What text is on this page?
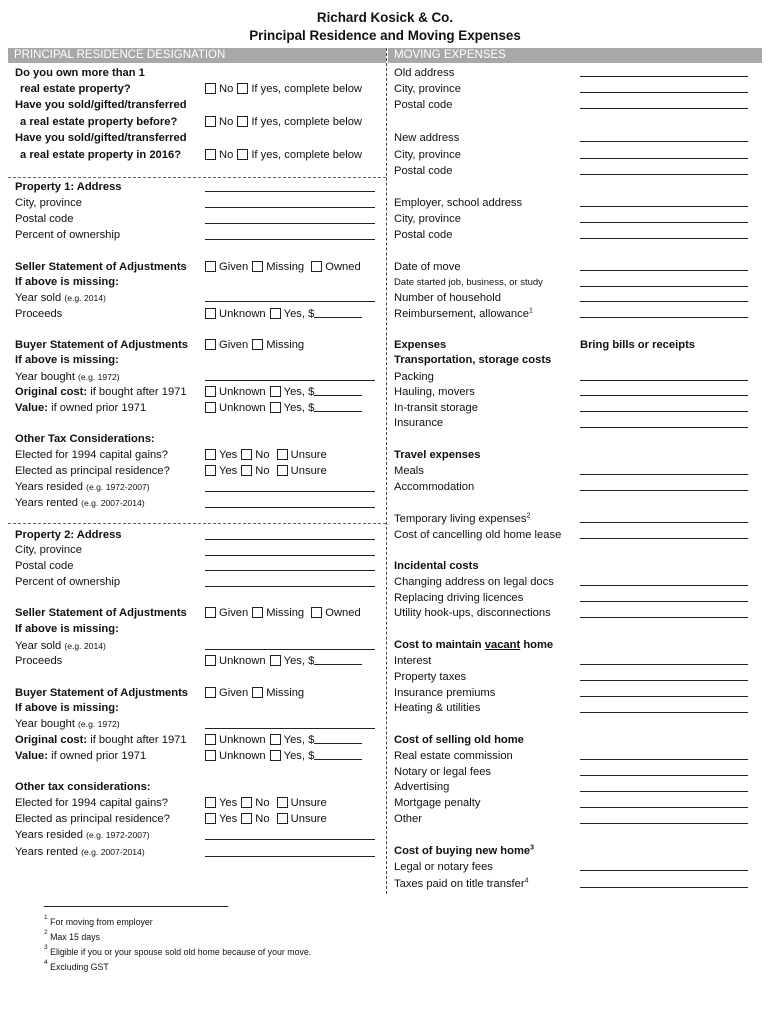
Richard Kosick & Co.
Principal Residence and Moving Expenses
PRINCIPAL RESIDENCE DESIGNATION	MOVING EXPENSES
Do you own more than 1
real estate property?	No If yes, complete below
Have you sold/gifted/transferred
a real estate property before?	No If yes, complete below
Have you sold/gifted/transferred
a real estate property in 2016?	No If yes, complete below
Property 1: Address
City, province
Postal code
Percent of ownership
Seller Statement of Adjustments	Given Missing Owned
If above is missing:
Year sold (e.g. 2014)
Proceeds	Unknown Yes, $
Buyer Statement of Adjustments	Given Missing
If above is missing:
Year bought (e.g. 1972)
Original cost: if bought after 1971	Unknown Yes, $
Value: if owned prior 1971	Unknown Yes, $
Other Tax Considerations:
Elected for 1994 capital gains?	Yes No Unsure
Elected as principal residence?	Yes No Unsure
Years resided (e.g. 1972-2007)
Years rented (e.g. 2007-2014)
Property 2: Address
City, province
Postal code
Percent of ownership
Seller Statement of Adjustments	Given Missing Owned
If above is missing:
Year sold (e.g. 2014)
Proceeds	Unknown Yes, $
Buyer Statement of Adjustments	Given Missing
If above is missing:
Year bought (e.g. 1972)
Original cost: if bought after 1971	Unknown Yes, $
Value: if owned prior 1971	Unknown Yes, $
Other tax considerations:
Elected for 1994 capital gains?	Yes No Unsure
Elected as principal residence?	Yes No Unsure
Years resided (e.g. 1972-2007)
Years rented (e.g. 2007-2014)
Old address
City, province
Postal code
New address
City, province
Postal code
Employer, school address
City, province
Postal code
Date of move
Date started job, business, or study
Number of household
Reimbursement, allowance$^1$
Expenses	Bring bills or receipts
Transportation, storage costs
Packing
Hauling, movers
In-transit storage
Insurance
Travel expenses
Meals
Accommodation
Temporary living expenses$^2$
Cost of cancelling old home lease
Incidental costs
Changing address on legal docs
Replacing driving licences
Utility hook-ups, disconnections
Cost to maintain vacant home
Interest
Property taxes
Insurance premiums
Heating & utilities
Cost of selling old home
Real estate commission
Notary or legal fees
Advertising
Mortgage penalty
Other
Cost of buying new home$^3$
Legal or notary fees
Taxes paid on title transfer$^4$
$^1$ For moving from employer
$^2$ Max 15 days
$^3$ Eligible if you or your spouse sold old home because of your move.
$^4$ Excluding GST
